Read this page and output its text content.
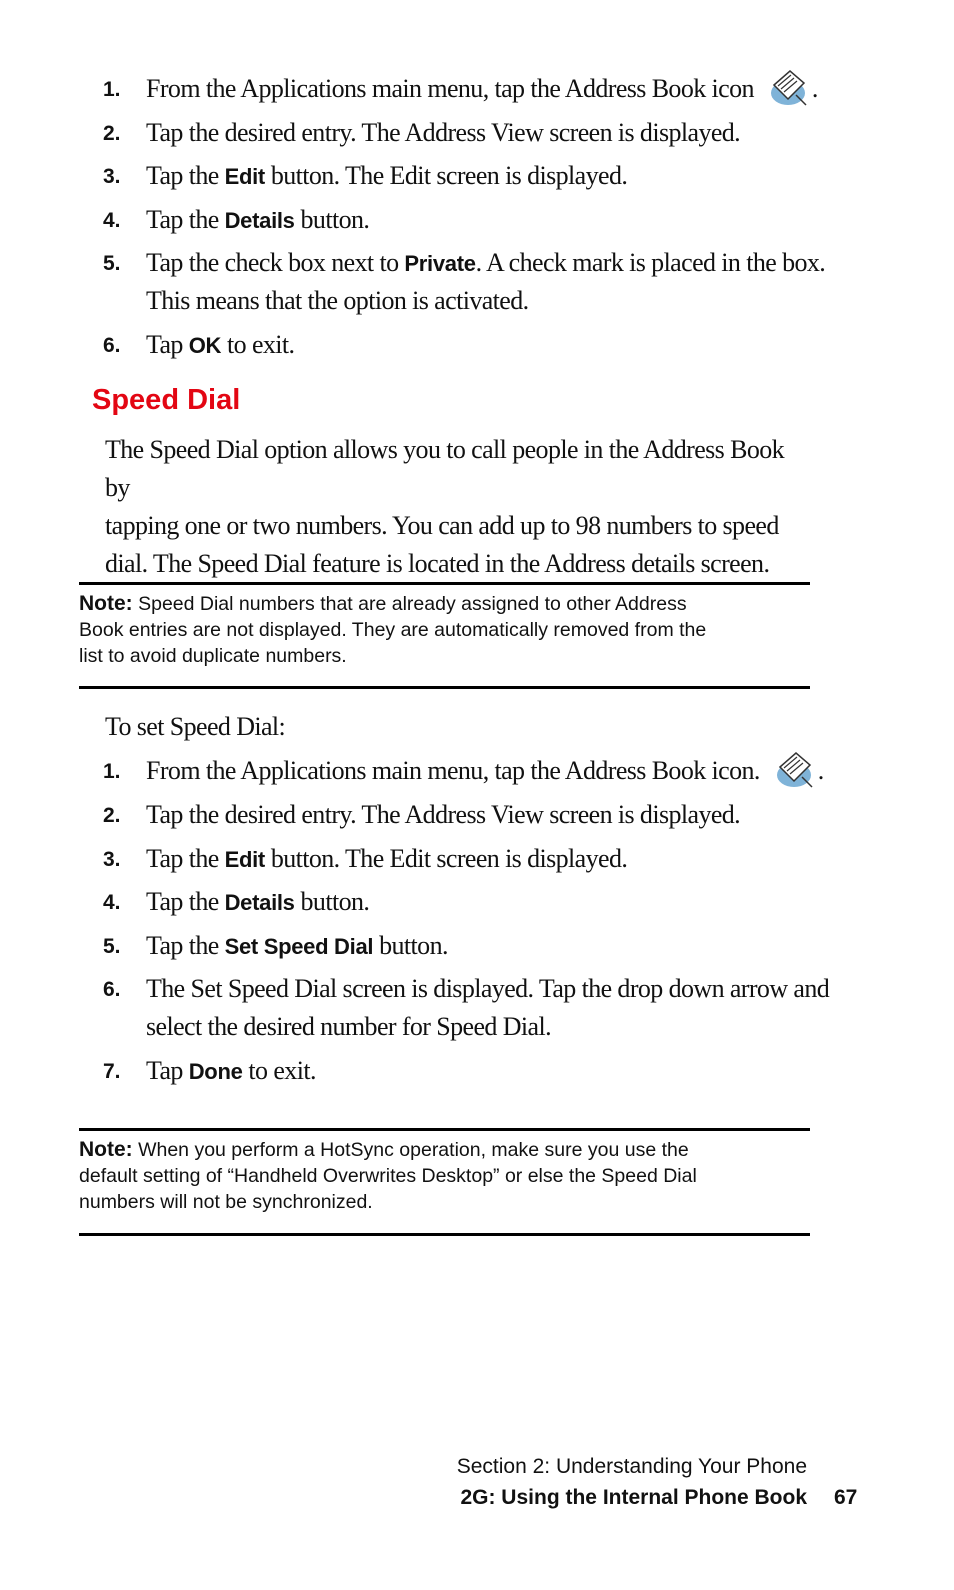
1. From the Applications main menu, tap the Address Book icon .
2. Tap the desired entry. The Address View screen is displayed.
3. Tap the Edit button. The Edit screen is displayed.
4. Tap the Details button.
5. Tap the check box next to Private. A check mark is placed in the box.
This means that the option is activated.
6. Tap OK to exit.
Speed Dial
The Speed Dial option allows you to call people in the Address Book by
tapping one or two numbers. You can add up to 98 numbers to speed
dial. The Speed Dial feature is located in the Address details screen.
Note: Speed Dial numbers that are already assigned to other Address
Book entries are not displayed. They are automatically removed from the
list to avoid duplicate numbers.
To set Speed Dial:
1. From the Applications main menu, tap the Address Book icon. .
2. Tap the desired entry. The Address View screen is displayed.
3. Tap the Edit button. The Edit screen is displayed.
4. Tap the Details button.
5. Tap the Set Speed Dial button.
6. The Set Speed Dial screen is displayed. Tap the drop down arrow and
select the desired number for Speed Dial.
7. Tap Done to exit.
Note: When you perform a HotSync operation, make sure you use the
default setting of “Handheld Overwrites Desktop” or else the Speed Dial
numbers will not be synchronized.
Section 2: Understanding Your Phone
2G: Using the Internal Phone Book 67
